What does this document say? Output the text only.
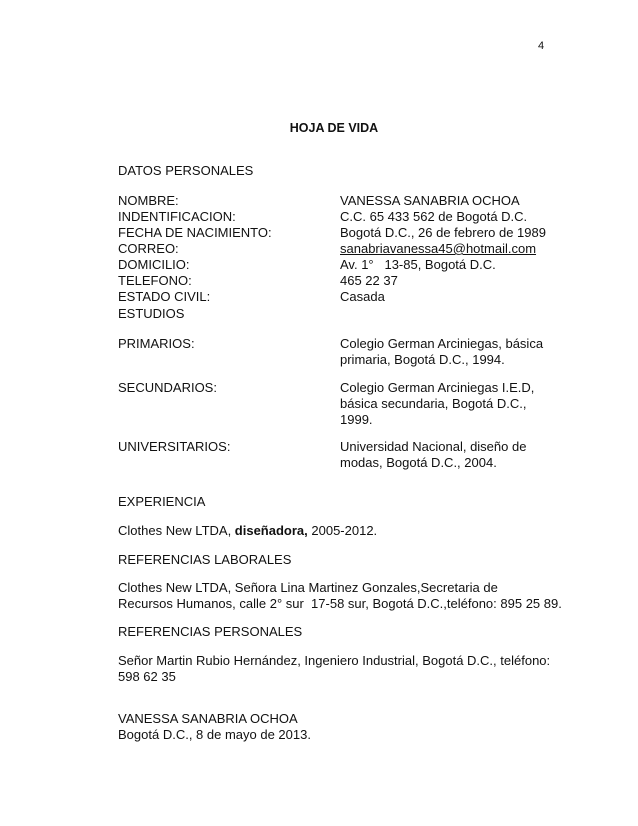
4
HOJA DE VIDA
DATOS PERSONALES
NOMBRE:	VANESSA SANABRIA OCHOA
INDENTIFICACION:	C.C. 65 433 562 de Bogotá D.C.
FECHA DE NACIMIENTO:	Bogotá D.C., 26 de febrero de 1989
CORREO:	sanabriavanessa45@hotmail.com
DOMICILIO:	Av. 1°   13-85, Bogotá D.C.
TELEFONO:	465 22 37
ESTADO CIVIL:	Casada
ESTUDIOS
PRIMARIOS:	Colegio German Arciniegas, básica
primaria, Bogotá D.C., 1994.
SECUNDARIOS:	Colegio German Arciniegas I.E.D,
básica secundaria, Bogotá D.C.,
1999.
UNIVERSITARIOS:	Universidad Nacional, diseño de
modas, Bogotá D.C., 2004.
EXPERIENCIA
Clothes New LTDA, diseñadora, 2005-2012.
REFERENCIAS LABORALES
Clothes New LTDA, Señora Lina Martinez Gonzales,Secretaria de
Recursos Humanos, calle 2° sur  17-58 sur, Bogotá D.C.,teléfono: 895 25 89.
REFERENCIAS PERSONALES
Señor Martin Rubio Hernández, Ingeniero Industrial, Bogotá D.C., teléfono:
598 62 35
VANESSA SANABRIA OCHOA
Bogotá D.C., 8 de mayo de 2013.
